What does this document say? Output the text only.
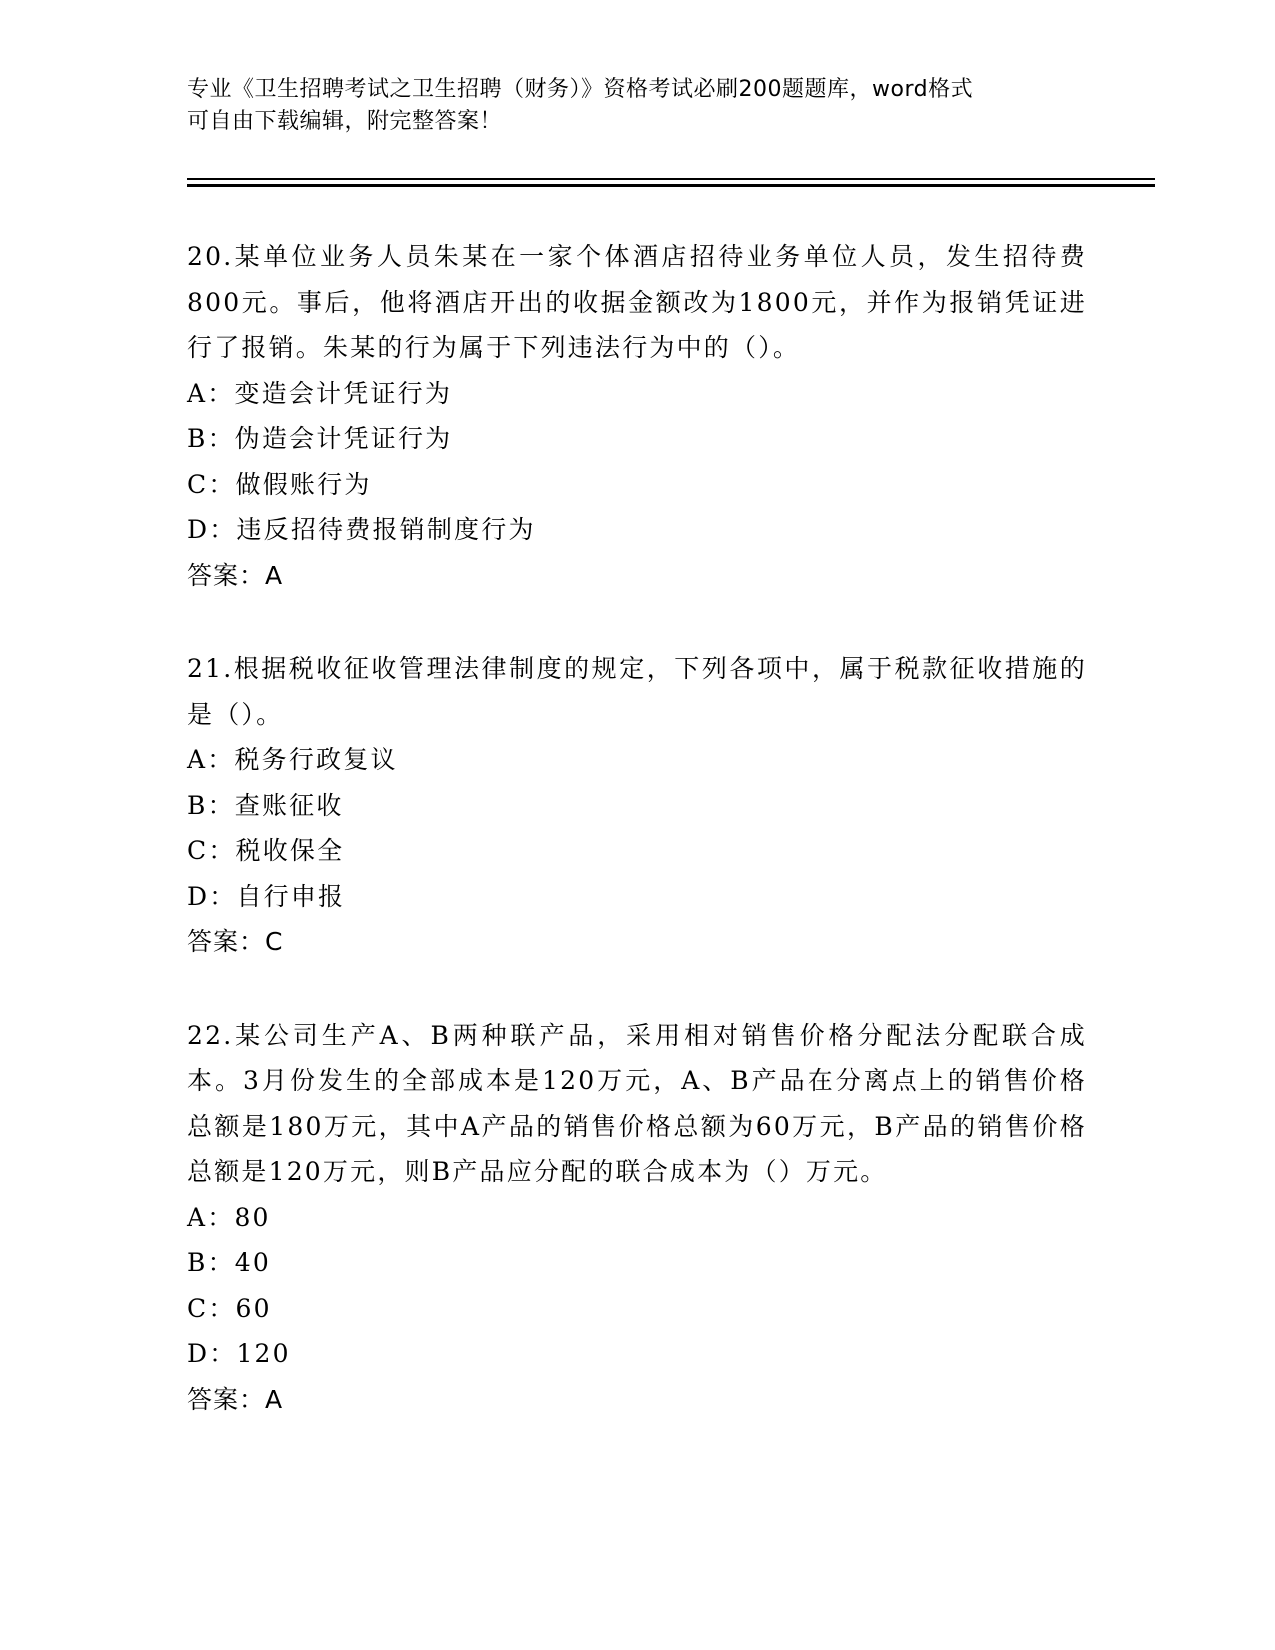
专业《卫生招聘考试之卫生招聘（财务）》资格考试必刷200题题库，word格式
可自由下载编辑，附完整答案！
20.某单位业务人员朱某在一家个体酒店招待业务单位人员，发生招待费800元。事后，他将酒店开出的收据金额改为1800元，并作为报销凭证进行了报销。朱某的行为属于下列违法行为中的（）。
A：变造会计凭证行为
B：伪造会计凭证行为
C：做假账行为
D：违反招待费报销制度行为
答案：A
21.根据税收征收管理法律制度的规定，下列各项中，属于税款征收措施的是（）。
A：税务行政复议
B：查账征收
C：税收保全
D：自行申报
答案：C
22.某公司生产A、B两种联产品，采用相对销售价格分配法分配联合成本。3月份发生的全部成本是120万元，A、B产品在分离点上的销售价格总额是180万元，其中A产品的销售价格总额为60万元，B产品的销售价格总额是120万元，则B产品应分配的联合成本为（）万元。
A：80
B：40
C：60
D：120
答案：A
